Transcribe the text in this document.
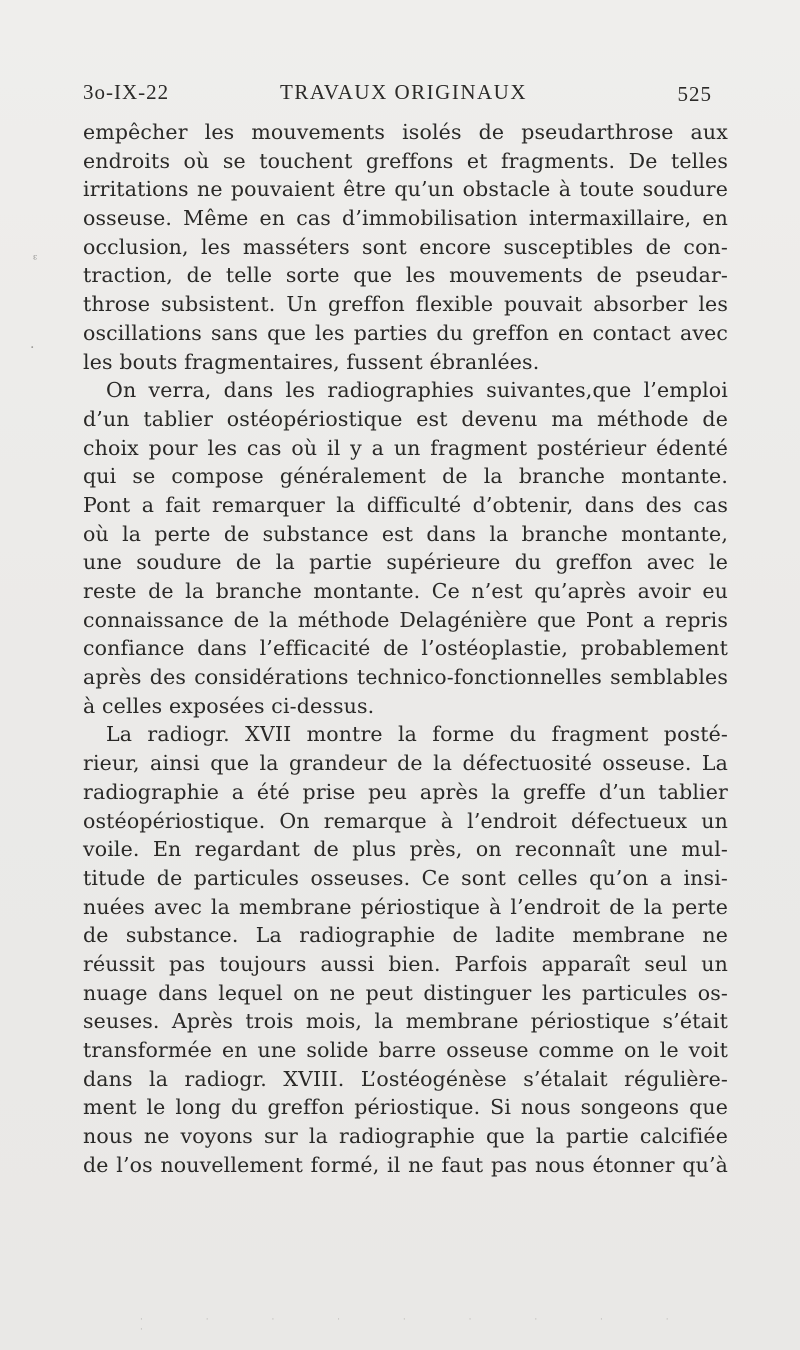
3o-IX-22	TRAVAUX ORIGINAUX	525
empêcher les mouvements isolés de pseudarthrose aux
endroits où se touchent greffons et fragments. De telles
irritations ne pouvaient être qu’un obstacle à toute soudure
osseuse. Même en cas d’immobilisation intermaxillaire, en
occlusion, les masséters sont encore susceptibles de con-
traction, de telle sorte que les mouvements de pseudar-
throse subsistent. Un greffon flexible pouvait absorber les
oscillations sans que les parties du greffon en contact avec
les bouts fragmentaires, fussent ébranlées.
On verra, dans les radiographies suivantes,que l’emploi
d’un tablier ostéopériostique est devenu ma méthode de
choix pour les cas où il y a un fragment postérieur édenté
qui se compose généralement de la branche montante.
Pont a fait remarquer la difficulté d’obtenir, dans des cas
où la perte de substance est dans la branche montante,
une soudure de la partie supérieure du greffon avec le
reste de la branche montante. Ce n’est qu’après avoir eu
connaissance de la méthode Delagénière que Pont a repris
confiance dans l’efficacité de l’ostéoplastie, probablement
après des considérations technico-fonctionnelles semblables
à celles exposées ci-dessus.
La radiogr. XVII montre la forme du fragment posté-
rieur, ainsi que la grandeur de la défectuosité osseuse. La
radiographie a été prise peu après la greffe d’un tablier
ostéopériostique. On remarque à l’endroit défectueux un
voile. En regardant de plus près, on reconnaît une mul-
titude de particules osseuses. Ce sont celles qu’on a insi-
nuées avec la membrane périostique à l’endroit de la perte
de substance. La radiographie de ladite membrane ne
réussit pas toujours aussi bien. Parfois apparaît seul un
nuage dans lequel on ne peut distinguer les particules os-
seuses. Après trois mois, la membrane périostique s’était
transformée en une solide barre osseuse comme on le voit
dans la radiogr. XVIII. L’ostéogénèse s’étalait régulière-
ment le long du greffon périostique. Si nous songeons que
nous ne voyons sur la radiographie que la partie calcifiée
de l’os nouvellement formé, il ne faut pas nous étonner qu’à
ᵋ
·
· · · · · · · · · ·
